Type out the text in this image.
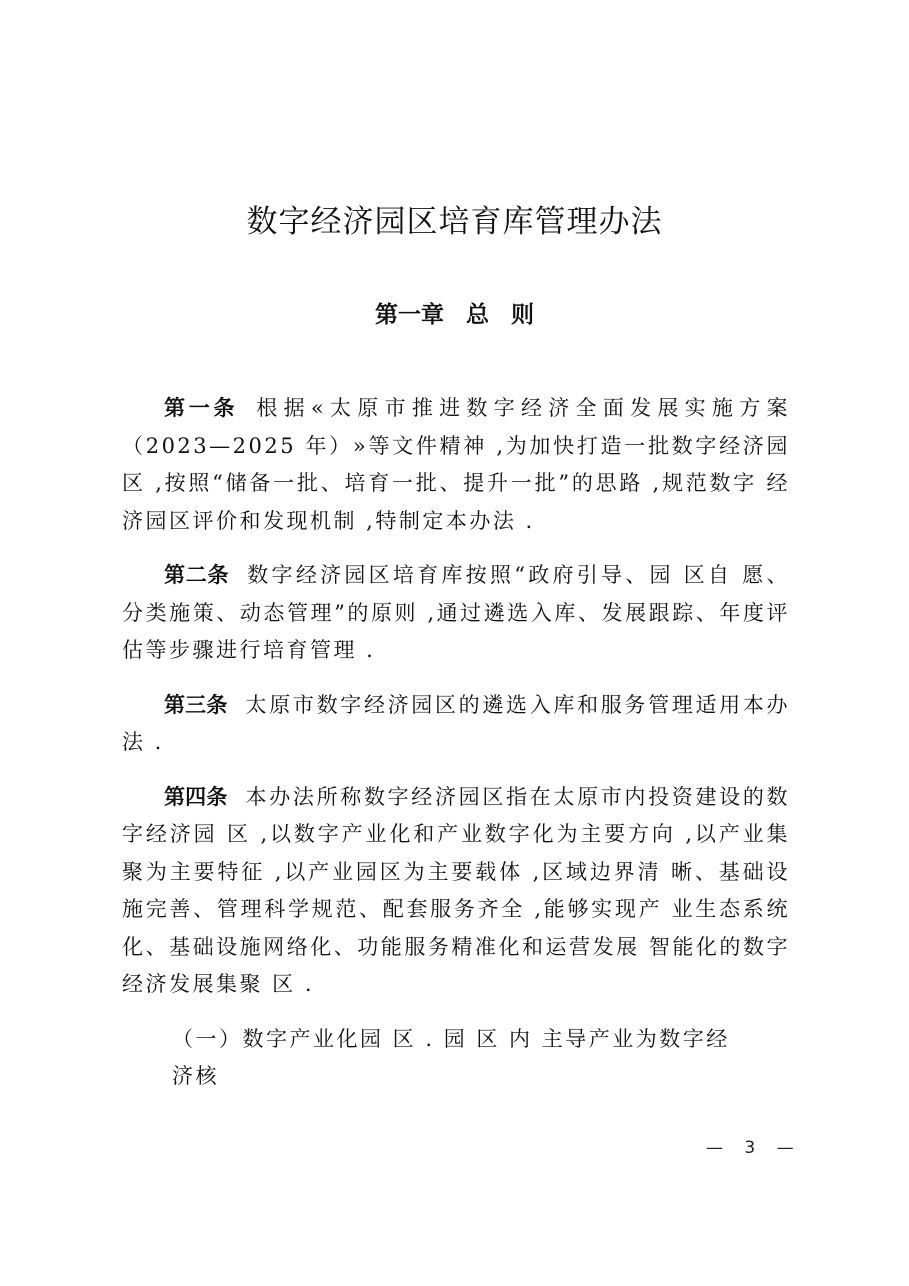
数字经济园区培育库管理办法
第一章 总 则

第一条 根据«太原市推进数字经济全面发展实施方案（2023—2025 年）»等文件精神 ,为加快打造一批数字经济园 区 ,按照“储备一批、培育一批、提升一批”的思路 ,规范数字 经济园区评价和发现机制 ,特制定本办法 .

第二条 数字经济园区培育库按照“政府引导、园 区自 愿、分类施策、动态管理”的原则 ,通过遴选入库、发展跟踪、年度评估等步骤进行培育管理 .

第三条 太原市数字经济园区的遴选入库和服务管理适用本办法 .

第四条 本办法所称数字经济园区指在太原市内投资建设的数字经济园 区 ,以数字产业化和产业数字化为主要方向 ,以产业集聚为主要特征 ,以产业园区为主要载体 ,区域边界清 晰、基础设施完善、管理科学规范、配套服务齐全 ,能够实现产 业生态系统化、基础设施网络化、功能服务精准化和运营发展 智能化的数字经济发展集聚 区 .

（一）数字产业化园 区 . 园 区 内 主导产业为数字经
济核
— 3 —
